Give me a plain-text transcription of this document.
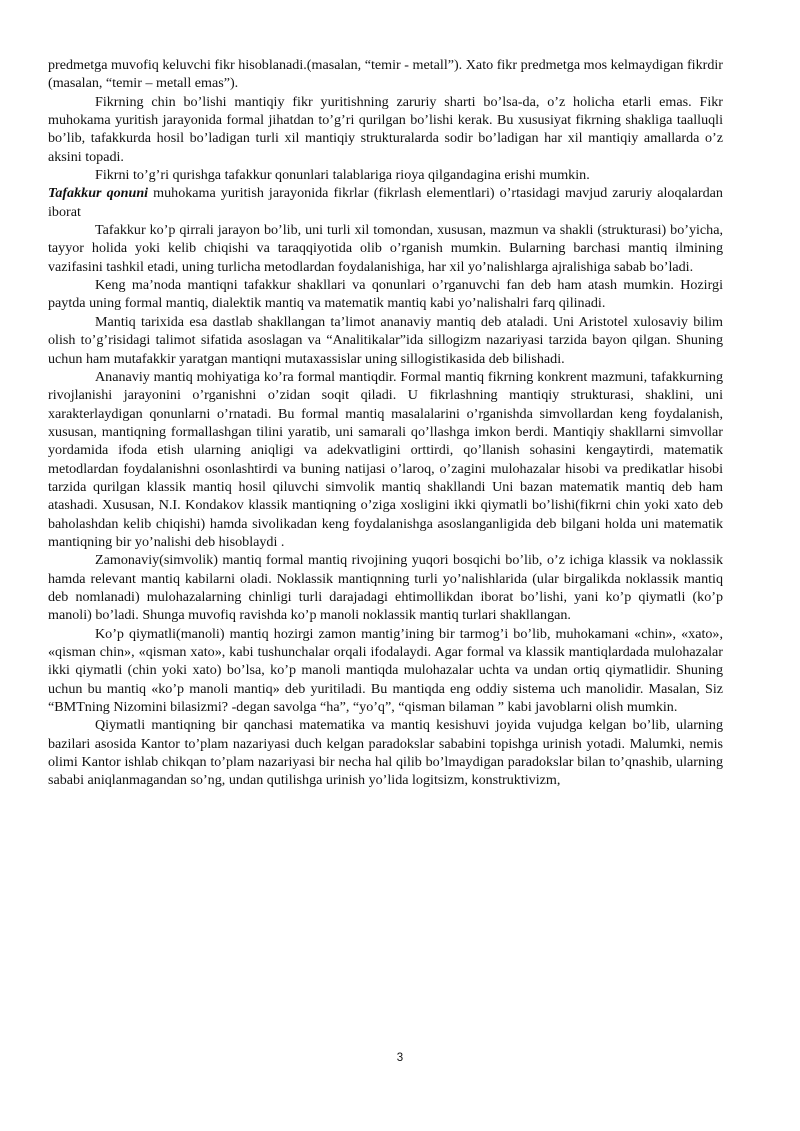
predmetga muvofiq keluvchi fikr hisoblanadi.(masalan, “temir - metall”). Xato fikr predmetga mos kelmaydigan fikrdir (masalan, “temir – metall emas”).

Fikrning chin bo’lishi mantiqiy fikr yuritishning zaruriy sharti bo’lsa-da, o’z holicha etarli emas. Fikr muhokama yuritish jarayonida formal jihatdan to’g’ri qurilgan bo’lishi kerak. Bu xususiyat fikrning shakliga taalluqli bo’lib, tafakkurda hosil bo’ladigan turli xil mantiqiy strukturalarda sodir bo’ladigan har xil mantiqiy amallarda o’z aksini topadi.

Fikrni to’g’ri qurishga tafakkur qonunlari talablariga rioya qilgandagina erishi mumkin.

Tafakkur qonuni muhokama yuritish jarayonida fikrlar (fikrlash elementlari) o’rtasidagi mavjud zaruriy aloqalardan iborat

Tafakkur ko’p qirrali jarayon bo’lib, uni turli xil tomondan, xususan, mazmun va shakli (strukturasi) bo’yicha, tayyor holida yoki kelib chiqishi va taraqqiyotida olib o’rganish mumkin. Bularning barchasi mantiq ilmining vazifasini tashkil etadi, uning turlicha metodlardan foydalanishiga, har xil yo’nalishlarga ajralishiga sabab bo’ladi.

Keng ma’noda mantiqni tafakkur shakllari va qonunlari o’rganuvchi fan deb ham atash mumkin. Hozirgi paytda uning formal mantiq, dialektik mantiq va matematik mantiq kabi yo’nalishalri farq qilinadi.

Mantiq tarixida esa dastlab shakllangan ta’limot ananaviy mantiq deb ataladi. Uni Aristotel xulosaviy bilim olish to’g’risidagi talimot sifatida asoslagan va “Analitikalar”ida sillogizm nazariyasi tarzida bayon qilgan. Shuning uchun ham mutafakkir yaratgan mantiqni mutaxassislar uning sillogistikasida deb bilishadi.

Ananaviy mantiq mohiyatiga ko’ra formal mantiqdir. Formal mantiq fikrning konkrent mazmuni, tafakkurning rivojlanishi jarayonini o’rganishni o’zidan soqit qiladi. U fikrlashning mantiqiy strukturasi, shaklini, uni xarakterlaydigan qonunlarni o’rnatadi. Bu formal mantiq masalalarini o’rganishda simvollardan keng foydalanish, xususan, mantiqning formallashgan tilini yaratib, uni samarali qo’llashga imkon berdi. Mantiqiy shakllarni simvollar yordamida ifoda etish ularning aniqligi va adekvatligini orttirdi, qo’llanish sohasini kengaytirdi, matematik metodlardan foydalanishni osonlashtirdi va buning natijasi o’laroq, o’zagini mulohazalar hisobi va predikatlar hisobi tarzida qurilgan klassik mantiq hosil qiluvchi simvolik mantiq shakllandi Uni bazan matematik mantiq deb ham atashadi. Xususan, N.I. Kondakov klassik mantiqning o’ziga xosligini ikki qiymatli bo’lishi(fikrni chin yoki xato deb baholashdan kelib chiqishi) hamda sivolikadan keng foydalanishga asoslanganligida deb bilgani holda uni matematik mantiqning bir yo’nalishi deb hisoblaydi .

Zamonaviy(simvolik) mantiq formal mantiq rivojining yuqori bosqichi bo’lib, o’z ichiga klassik va noklassik hamda relevant mantiq kabilarni oladi. Noklassik mantiqnning turli yo’nalishlarida (ular birgalikda noklassik mantiq deb nomlanadi) mulohazalarning chinligi turli darajadagi ehtimollikdan iborat bo’lishi, yani ko’p qiymatli (ko’p manoli) bo’ladi. Shunga muvofiq ravishda ko’p manoli noklassik mantiq turlari shakllangan.

Ko’p qiymatli(manoli) mantiq hozirgi zamon mantig’ining bir tarmog’i bo’lib, muhokamani «chin», «xato», «qisman chin», «qisman xato», kabi tushunchalar orqali ifodalaydi. Agar formal va klassik mantiqlardada mulohazalar ikki qiymatli (chin yoki xato) bo’lsa, ko’p manoli mantiqda mulohazalar uchta va undan ortiq qiymatlidir. Shuning uchun bu mantiq «ko’p manoli mantiq» deb yuritiladi. Bu mantiqda eng oddiy sistema uch manolidir. Masalan, Siz “BMTning Nizomini bilasizmi? -degan savolga “ha”, “yo’q”, “qisman bilaman ” kabi javoblarni olish mumkin.

Qiymatli mantiqning bir qanchasi matematika va mantiq kesishuvi joyida vujudga kelgan bo’lib, ularning bazilari asosida Kantor to’plam nazariyasi duch kelgan paradokslar sababini topishga urinish yotadi. Malumki, nemis olimi Kantor ishlab chikqan to’plam nazariyasi bir necha hal qilib bo’lmaydigan paradokslar bilan to’qnashib, ularning sababi aniqlanmagandan so’ng, undan qutilishga urinish yo’lida logitsizm, konstruktivizm,

3
